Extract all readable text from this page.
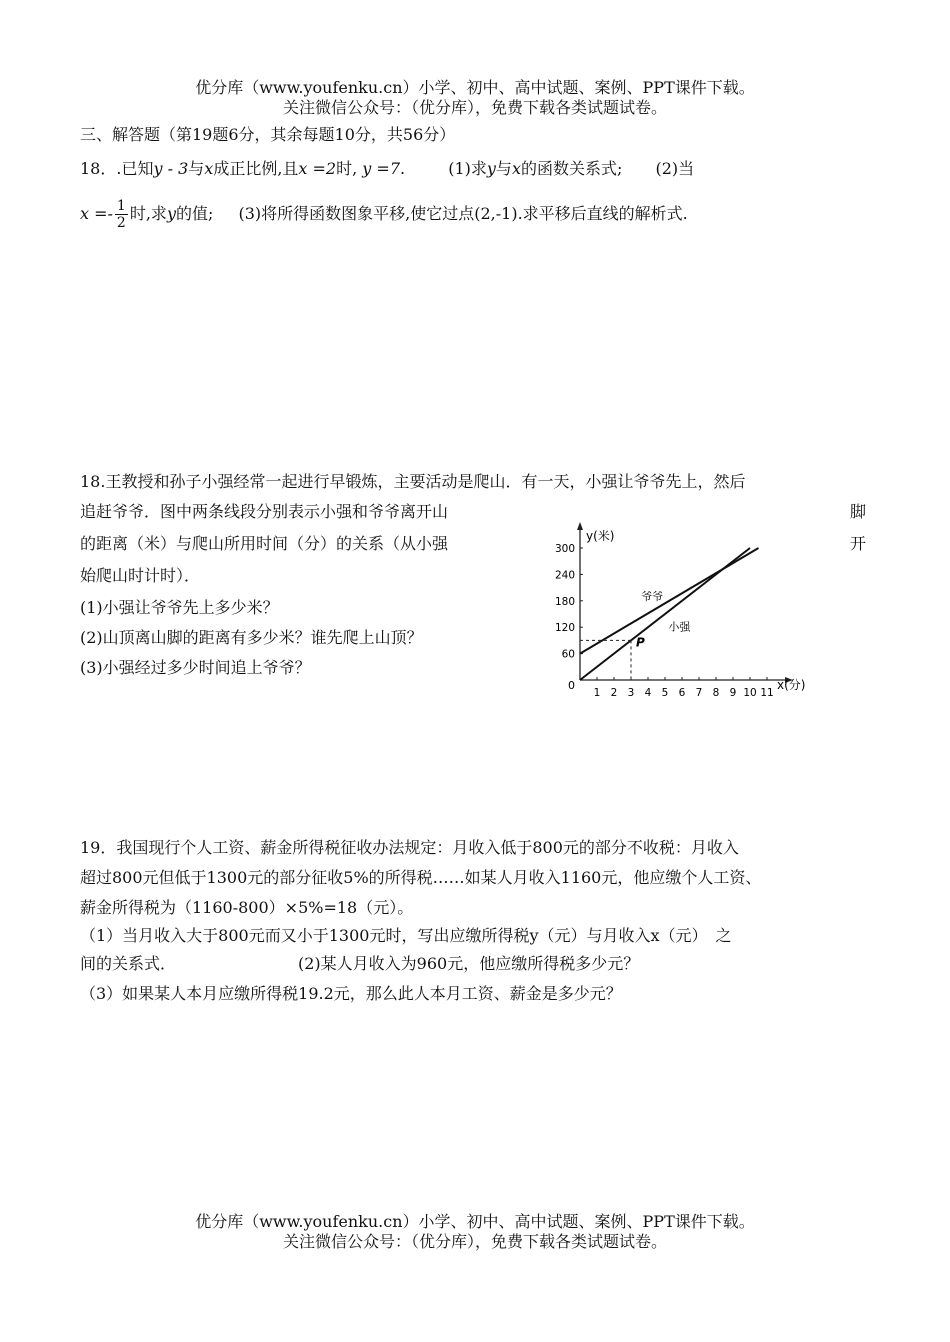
优分库（www.youfenku.cn）小学、初中、高中试题、案例、PPT课件下载。
关注微信公众号：（优分库），免费下载各类试题试卷。
三、解答题（第19题6分，其余每题10分，共56分）
18．.已知y - 3与x成正比例,且x =2时, y =7.	(1)求y与x的函数关系式; (2)当
$x =- \frac{1}{2}$ 时,求y的值; (3)将所得函数图象平移,使它过点(2,-1).求平移后直线的解析式.
18.王教授和孙子小强经常一起进行早锻炼，主要活动是爬山．有一天，小强让爷爷先上，然后
追赶爷爷．图中两条线段分别表示小强和爷爷离开山	脚
的距离（米）与爬山所用时间（分）的关系（从小强	开
始爬山时计时）．
(1)小强让爷爷先上多少米？
(2)山顶离山脚的距离有多少米？谁先爬上山顶？
(3)小强经过多少时间追上爷爷？
y(米)
x(分)
0
300
240
180
120
60
1 2 3 4 5 6 7 8 9 10 11
P
爷爷
小强
19．我国现行个人工资、薪金所得税征收办法规定：月收入低于800元的部分不收税：月收入
超过800元但低于1300元的部分征收5%的所得税……如某人月收入1160元，他应缴个人工资、
薪金所得税为（1160-800）×5%=18（元）。
（1）当月收入大于800元而又小于1300元时，写出应缴所得税y（元）与月收入x（元）　之
间的关系式．	(2)某人月收入为960元，他应缴所得税多少元？
（3）如果某人本月应缴所得税19.2元，那么此人本月工资、薪金是多少元？
优分库（www.youfenku.cn）小学、初中、高中试题、案例、PPT课件下载。
关注微信公众号：（优分库），免费下载各类试题试卷。
